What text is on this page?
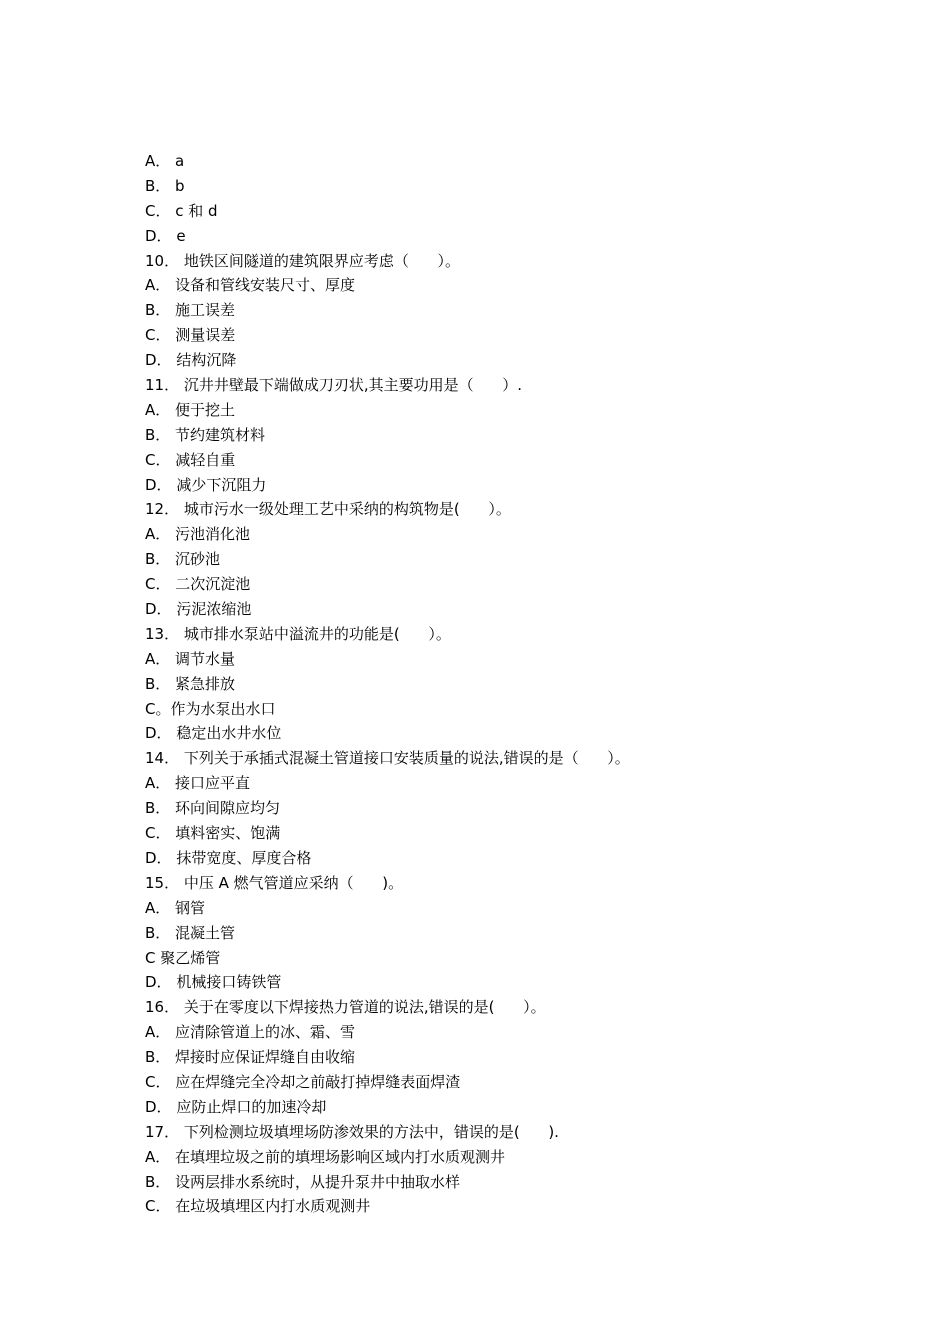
A． a
B． b
C． c 和 d
D． e
10． 地铁区间隧道的建筑限界应考虑（      ）。
A． 设备和管线安装尺寸、厚度
B． 施工误差
C． 测量误差
D． 结构沉降
11． 沉井井壁最下端做成刀刃状,其主要功用是（      ）.
A． 便于挖土
B． 节约建筑材料
C． 减轻自重
D． 减少下沉阻力
12． 城市污水一级处理工艺中采纳的构筑物是(      ）。
A． 污池消化池
B． 沉砂池
C． 二次沉淀池
D． 污泥浓缩池
13． 城市排水泵站中溢流井的功能是(      ）。
A． 调节水量
B． 紧急排放
C。作为水泵出水口
D． 稳定出水井水位
14． 下列关于承插式混凝土管道接口安装质量的说法,错误的是（      ）。
A． 接口应平直
B． 环向间隙应均匀
C． 填料密实、饱满
D． 抹带宽度、厚度合格
15． 中压 A 燃气管道应采纳（      )。
A． 钢管
B． 混凝土管
C 聚乙烯管
D． 机械接口铸铁管
16． 关于在零度以下焊接热力管道的说法,错误的是(      ）。
A． 应清除管道上的冰、霜、雪
B． 焊接时应保证焊缝自由收缩
C． 应在焊缝完全冷却之前敲打掉焊缝表面焊渣
D． 应防止焊口的加速冷却
17． 下列检测垃圾填埋场防渗效果的方法中，错误的是(      ).
A． 在填埋垃圾之前的填埋场影响区域内打水质观测井
B． 设两层排水系统时，从提升泵井中抽取水样
C． 在垃圾填埋区内打水质观测井
